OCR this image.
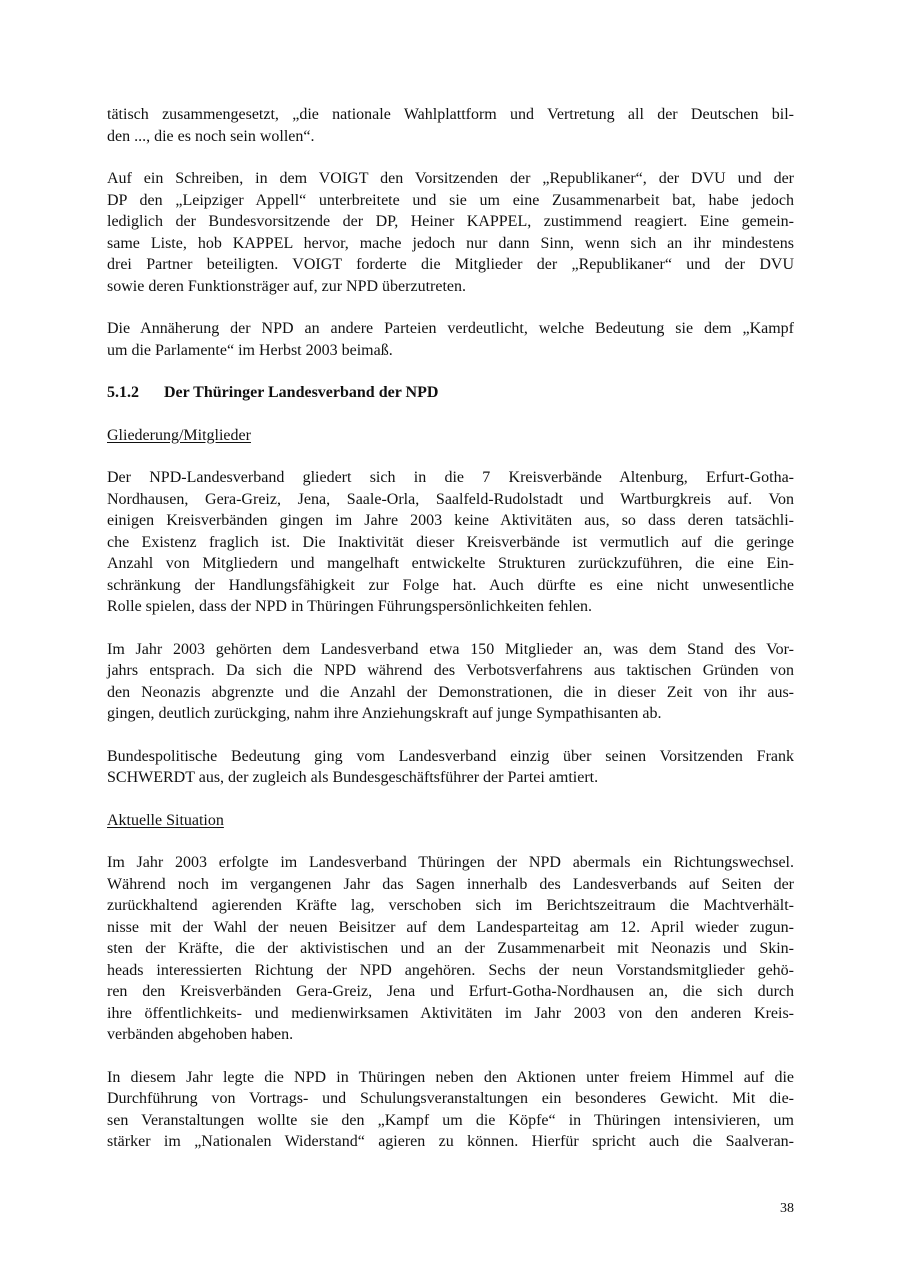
tätisch zusammengesetzt, „die nationale Wahlplattform und Vertretung all der Deutschen bil-
den ..., die es noch sein wollen“.

Auf ein Schreiben, in dem VOIGT den Vorsitzenden der „Republikaner“, der DVU und der
DP den „Leipziger Appell“ unterbreitete und sie um eine Zusammenarbeit bat, habe jedoch
lediglich der Bundesvorsitzende der DP, Heiner KAPPEL, zustimmend reagiert. Eine gemein-
same Liste, hob KAPPEL hervor, mache jedoch nur dann Sinn, wenn sich an ihr mindestens
drei Partner beteiligten. VOIGT forderte die Mitglieder der „Republikaner“ und der DVU
sowie deren Funktionsträger auf, zur NPD überzutreten.

Die Annäherung der NPD an andere Parteien verdeutlicht, welche Bedeutung sie dem „Kampf
um die Parlamente“ im Herbst 2003 beimaß.

5.1.2 Der Thüringer Landesverband der NPD

Gliederung/Mitglieder

Der NPD-Landesverband gliedert sich in die 7 Kreisverbände Altenburg, Erfurt-Gotha-
Nordhausen, Gera-Greiz, Jena, Saale-Orla, Saalfeld-Rudolstadt und Wartburgkreis auf. Von
einigen Kreisverbänden gingen im Jahre 2003 keine Aktivitäten aus, so dass deren tatsächli-
che Existenz fraglich ist. Die Inaktivität dieser Kreisverbände ist vermutlich auf die geringe
Anzahl von Mitgliedern und mangelhaft entwickelte Strukturen zurückzuführen, die eine Ein-
schränkung der Handlungsfähigkeit zur Folge hat. Auch dürfte es eine nicht unwesentliche
Rolle spielen, dass der NPD in Thüringen Führungspersönlichkeiten fehlen.

Im Jahr 2003 gehörten dem Landesverband etwa 150 Mitglieder an, was dem Stand des Vor-
jahrs entsprach. Da sich die NPD während des Verbotsverfahrens aus taktischen Gründen von
den Neonazis abgrenzte und die Anzahl der Demonstrationen, die in dieser Zeit von ihr aus-
gingen, deutlich zurückging, nahm ihre Anziehungskraft auf junge Sympathisanten ab.

Bundespolitische Bedeutung ging vom Landesverband einzig über seinen Vorsitzenden Frank
SCHWERDT aus, der zugleich als Bundesgeschäftsführer der Partei amtiert.

Aktuelle Situation

Im Jahr 2003 erfolgte im Landesverband Thüringen der NPD abermals ein Richtungswechsel.
Während noch im vergangenen Jahr das Sagen innerhalb des Landesverbands auf Seiten der
zurückhaltend agierenden Kräfte lag, verschoben sich im Berichtszeitraum die Machtverhält-
nisse mit der Wahl der neuen Beisitzer auf dem Landesparteitag am 12. April wieder zugun-
sten der Kräfte, die der aktivistischen und an der Zusammenarbeit mit Neonazis und Skin-
heads interessierten Richtung der NPD angehören. Sechs der neun Vorstandsmitglieder gehö-
ren den Kreisverbänden Gera-Greiz, Jena und Erfurt-Gotha-Nordhausen an, die sich durch
ihre öffentlichkeits- und medienwirksamen Aktivitäten im Jahr 2003 von den anderen Kreis-
verbänden abgehoben haben.

In diesem Jahr legte die NPD in Thüringen neben den Aktionen unter freiem Himmel auf die
Durchführung von Vortrags- und Schulungsveranstaltungen ein besonderes Gewicht. Mit die-
sen Veranstaltungen wollte sie den „Kampf um die Köpfe“ in Thüringen intensivieren, um
stärker im „Nationalen Widerstand“ agieren zu können. Hierfür spricht auch die Saalveran-

38
